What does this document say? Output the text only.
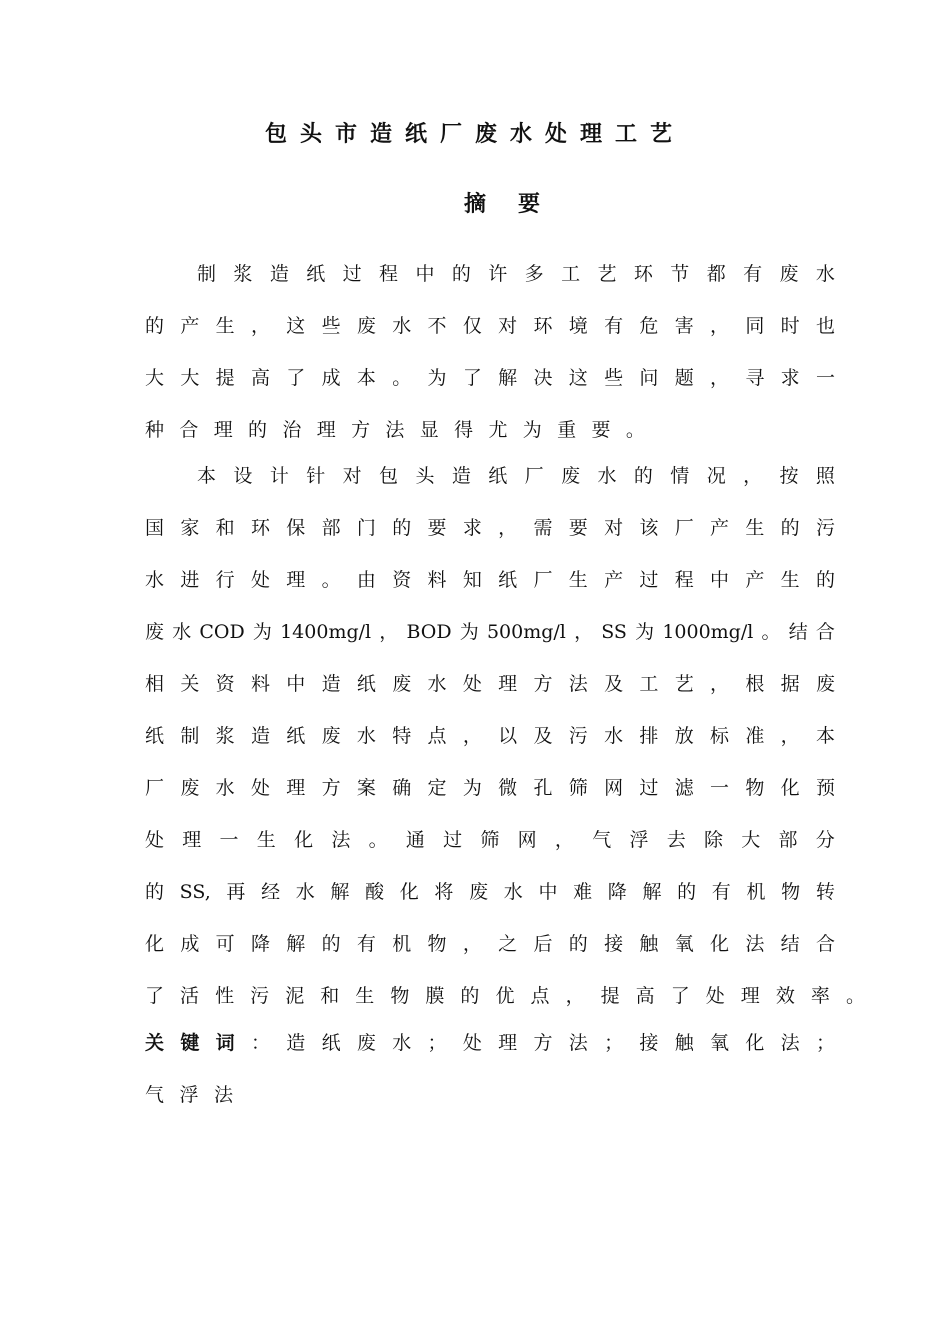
包头市造纸厂废水处理工艺
摘要
制 浆 造 纸 过 程 中 的 许 多 工 艺 环 节 都 有 废 水
的 产 生 ， 这 些 废 水 不 仅 对 环 境 有 危 害 ， 同 时 也
大 大 提 高 了 成 本 。 为 了 解 决 这 些 问 题 ， 寻 求 一
种 合 理 的 治 理 方 法 显 得 尤 为 重 要 。
本 设 计 针 对 包 头 造 纸 厂 废 水 的 情 况 ， 按 照
国 家 和 环 保 部 门 的 要 求 ， 需 要 对 该 厂 产 生 的 污
水 进 行 处 理 。 由 资 料 知 纸 厂 生 产 过 程 中 产 生 的
废 水 COD 为 1400mg/l ， BOD 为 500mg/l ， SS 为 1000mg/l 。 结 合
相 关 资 料 中 造 纸 废 水 处 理 方 法 及 工 艺 ， 根 据 废
纸 制 浆 造 纸 废 水 特 点 ， 以 及 污 水 排 放 标 准 ， 本
厂 废 水 处 理 方 案 确 定 为 微 孔 筛 网 过 滤 一 物 化 预
处 理 一 生 化 法 。 通 过 筛 网 ， 气 浮 去 除 大 部 分
的 SS, 再 经 水 解 酸 化 将 废 水 中 难 降 解 的 有 机 物 转
化 成 可 降 解 的 有 机 物 ， 之 后 的 接 触 氧 化 法 结 合
了 活 性 污 泥 和 生 物 膜 的 优 点 ， 提 高 了 处 理 效 率 。
关 键 词 ： 造 纸 废 水 ； 处 理 方 法 ； 接 触 氧 化 法 ；
气 浮 法
